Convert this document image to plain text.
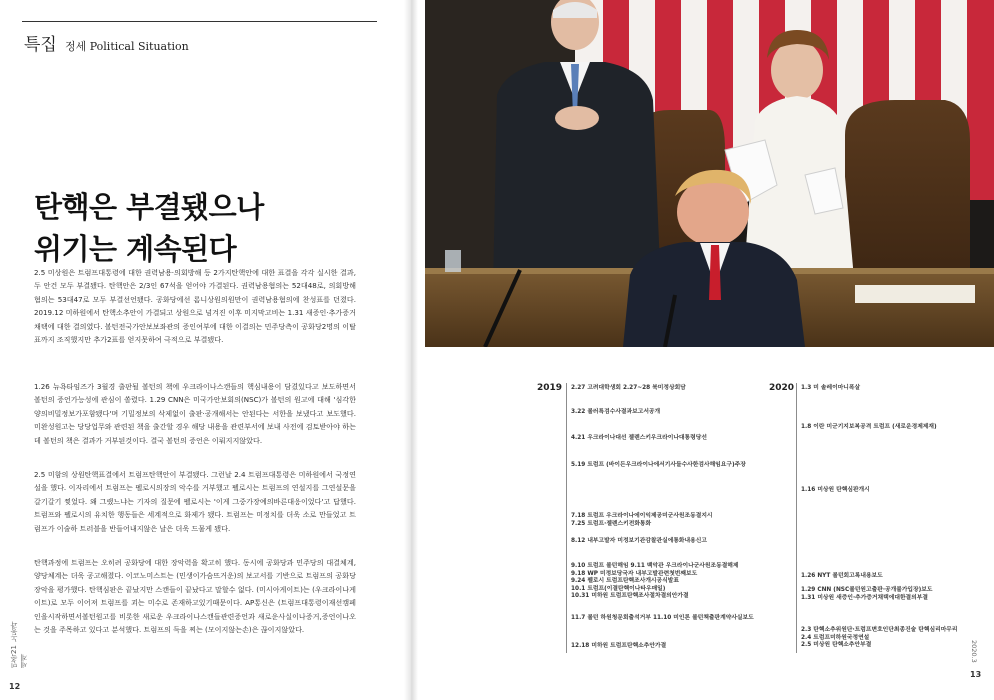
특집 정세 Political Situation
탄핵은 부결됐으나
위기는 계속된다

2.5 미상원은 트럼프대통령에 대한 권력남용·의회방해 등 2가지탄핵안에 대한 표결을 각각 실시한 결과, 두 안건 모두 부결됐다. 탄핵안은 2/3인 67석을 얻어야 가결된다. 권력남용혐의는 52대48로, 의회방해혐의는 53대47로 모두 부결선언됐다. 공화당에선 롬니상원의원만이 권력남용혐의에 찬성표를 던졌다. 2019.12 미하원에서 탄핵소추안이 가결되고 상원으로 넘겨진 이후 미지막고비는 1.31 새증인·추가증거채택에 대한 결의였다. 볼턴전국가안보보좌관의 증인여부에 대한 이결의는 민주당측이 공화당2명의 이탈표까지 조직했지만 추가2표를 얻지못하여 극적으로 부결됐다.

1.26 뉴욕타임즈가 3월경 출판될 볼턴의 책에 우크라이나스캔들의 핵심내용이 담겼있다고 보도하면서 볼턴의 증언가능성에 관심이 쏠렸다. 1.29 CNN은 미국가안보회의(NSC)가 볼턴의 원고에 대해 '심각한양의비밀정보가포함됐다'며 기밀정보의 삭제없이 출판·공개해서는 안된다는 서한을 보냈다고 보도했다. 미완성원고는 당당업무와 관련된 책을 출간할 경우 해당 내용을 관련부서에 보내 사전에 검토받아야 하는데 볼턴의 책은 결과가 거부된것이다. 결국 볼턴의 증언은 이뤄지지않았다.

2.5 미함의 상원탄핵표결에서 트럼프탄핵안이 부결됐다. 그런날 2.4 트럼프대통령은 미하원에서 국정연설을 했다. 이자리에서 트럼프는 펠로시의장의 악수를 거부했고 펠로시는 트럼프의 연설지를 그연설문을 갈기갈기 찢었다. 왜 그랬느냐는 기자의 질문에 펠로시는 '이게 그중가장예의바른대응이었다'고 답했다. 트럼프와 펠로시의 유치한 행동들은 세계적으로 화제가 됐다. 트럼프는 미정치를 더욱 소로 만들었고 트럼프가 이술하 트러블을 반들어내지않은 날은 더욱 드물게 됐다.

탄핵과정에 트럼프는 오히려 공화당에 대한 장악력을 확고히 했다. 동시에 공화당과 민주당의 대결체계, 양당체계는 더욱 공고해졌다. 이코노미스트는 (민생이가슴뜨거운)의 보고서를 기반으로 트럼프의 공화당 장악을 평가했다. 탄핵심판은 끝났지만 스캔들이 끝났다고 말할수 없다. (미시아게이트)는 (우크라이나게이트)로 모두 이어져 트럼프를 괴는 미수로 존재하고있기때문이다. AP통신은 (트럼프대통령이재선캠페인을시작하면서볼턴원고를 비롯한 새로운 우크라이나스캔들관련증언과 새로운사실이나증거,증언이나오는 것을 주목하고 있다고 분석했다. 트럼프의 득을 찌는 (모이지않는손)은 끊이지않았다.

민족21 노동과세계
12
2019	2020
2.27 고려대학생회 2.27~28 북미정상회담
3.22 볼러특검수사결과보고서공개
4.21 우크라이나대선 젤렌스키우크라이나대통령당선
5.19 트럼프 (바이든우크라이나에서기사들수사한검사해임요구)주장
7.18 트럼프 우크라이나에이익제공미군사원조동결지시
7.25 트럼프·젤렌스키전화통화
8.12 내부고발자 미정보기관감찰관실에통화내용신고
9.10 트럼프 볼턴해임 9.11 백악관 우크라이나군사원조동결해제
9.18 WP 미정보당국자 내부고발관련첫번째보도
9.24 펠로시 트럼프탄핵조사개시공식발표
10.1 트럼프(이결탄핵이나타우매일)
10.31 미하원 트럼프탄핵조사절차결의안가결
11.7 볼턴 하원청문회출석거부 11.10 미인론 볼턴책출판계약사실보도
12.18 미하원 트럼프탄핵소추안가결
1.3 미 솔레이마니폭살
1.8 이란 미군기지보복공격 트럼프 (새로운경제제재)
1.16 미상원 탄핵심판개시
1.26 NYT 볼턴회고록내용보도
1.29 CNN (NSC볼턴원고출판·공개불가입장)보도
1.31 미상원 새증인·추가증거채택에대한결의부결
2.3 탄핵소추위원단·트럼프변호인단최종진술 탄핵심리마무리
2.4 트럼프미하원국정연설
2.5 미상원 탄핵소추안부결	2020.3
13
